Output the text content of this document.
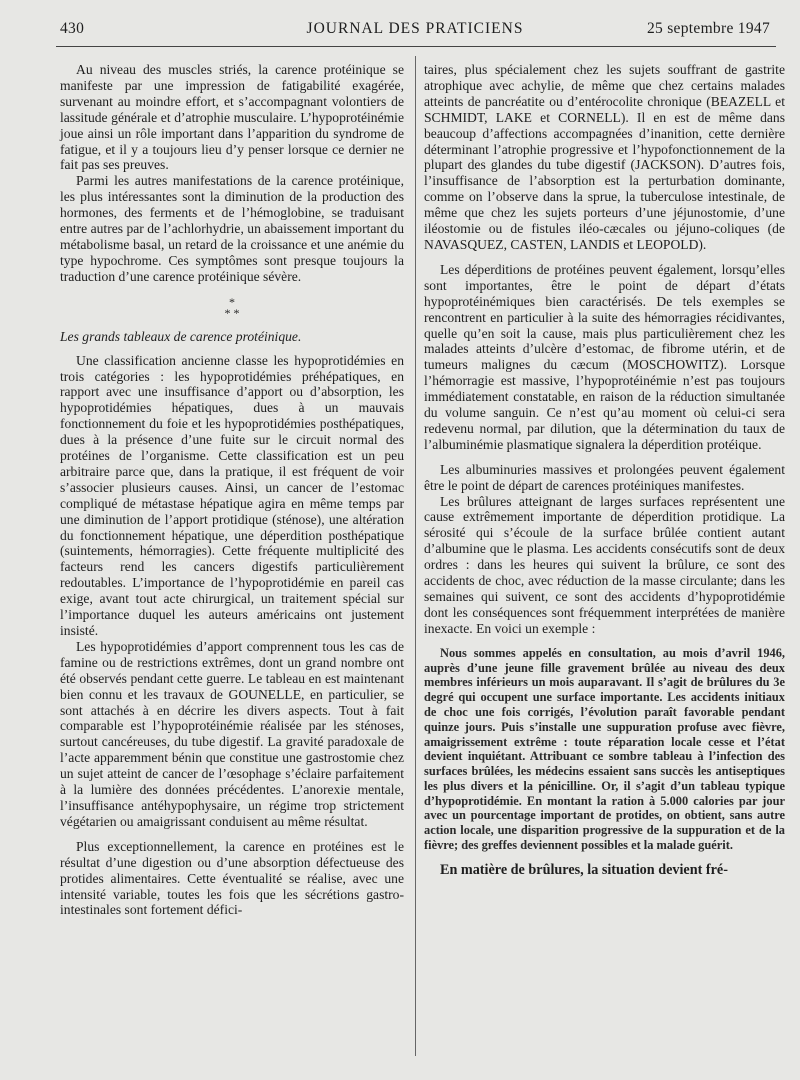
430	JOURNAL DES PRATICIENS	25 septembre 1947

Au niveau des muscles striés, la carence protéinique se manifeste par une impression de fatigabilité exagérée, survenant au moindre effort, et s’accompagnant volontiers de lassitude générale et d’atrophie musculaire. L’hypoprotéinémie joue ainsi un rôle important dans l’apparition du syndrome de fatigue, et il y a toujours lieu d’y penser lorsque ce dernier ne fait pas ses preuves.

Parmi les autres manifestations de la carence protéinique, les plus intéressantes sont la diminution de la production des hormones, des ferments et de l’hémoglobine, se traduisant entre autres par de l’achlorhydrie, un abaissement important du métabolisme basal, un retard de la croissance et une anémie du type hypochrome. Ces symptômes sont presque toujours la traduction d’une carence protéinique sévère.

*
* *

Les grands tableaux de carence protéinique.

Une classification ancienne classe les hypoprotidémies en trois catégories : les hypoprotidémies préhépatiques, en rapport avec une insuffisance d’apport ou d’absorption, les hypoprotidémies hépatiques, dues à un mauvais fonctionnement du foie et les hypoprotidémies posthépatiques, dues à la présence d’une fuite sur le circuit normal des protéines de l’organisme. Cette classification est un peu arbitraire parce que, dans la pratique, il est fréquent de voir s’associer plusieurs causes. Ainsi, un cancer de l’estomac compliqué de métastase hépatique agira en même temps par une diminution de l’apport protidique (sténose), une altération du fonctionnement hépatique, une déperdition posthépatique (suintements, hémorragies). Cette fréquente multiplicité des facteurs rend les cancers digestifs particulièrement redoutables. L’importance de l’hypoprotidémie en pareil cas exige, avant tout acte chirurgical, un traitement spécial sur l’importance duquel les auteurs américains ont justement insisté.

Les hypoprotidémies d’apport comprennent tous les cas de famine ou de restrictions extrêmes, dont un grand nombre ont été observés pendant cette guerre. Le tableau en est maintenant bien connu et les travaux de GOUNELLE, en particulier, se sont attachés à en décrire les divers aspects. Tout à fait comparable est l’hypoprotéinémie réalisée par les sténoses, surtout cancéreuses, du tube digestif. La gravité paradoxale de l’acte apparemment bénin que constitue une gastrostomie chez un sujet atteint de cancer de l’œsophage s’éclaire parfaitement à la lumière des données précédentes. L’anorexie mentale, l’insuffisance antéhypophysaire, un régime trop strictement végétarien ou amaigrissant conduisent au même résultat.

Plus exceptionnellement, la carence en protéines est le résultat d’une digestion ou d’une absorption défectueuse des protides alimentaires. Cette éventualité se réalise, avec une intensité variable, toutes les fois que les sécrétions gastro-intestinales sont fortement défici-

taires, plus spécialement chez les sujets souffrant de gastrite atrophique avec achylie, de même que chez certains malades atteints de pancréatite ou d’entérocolite chronique (BEAZELL et SCHMIDT, LAKE et CORNELL). Il en est de même dans beaucoup d’affections accompagnées d’inanition, cette dernière déterminant l’atrophie progressive et l’hypofonctionnement de la plupart des glandes du tube digestif (JACKSON). D’autres fois, l’insuffisance de l’absorption est la perturbation dominante, comme on l’observe dans la sprue, la tuberculose intestinale, de même que chez les sujets porteurs d’une jéjunostomie, d’une iléostomie ou de fistules iléo-cæcales ou jéjuno-coliques (de NAVASQUEZ, CASTEN, LANDIS et LEOPOLD).

Les déperditions de protéines peuvent également, lorsqu’elles sont importantes, être le point de départ d’états hypoprotéinémiques bien caractérisés. De tels exemples se rencontrent en particulier à la suite des hémorragies récidivantes, quelle qu’en soit la cause, mais plus particulièrement chez les malades atteints d’ulcère d’estomac, de fibrome utérin, et de tumeurs malignes du cæcum (MOSCHOWITZ). Lorsque l’hémorragie est massive, l’hypoprotéinémie n’est pas toujours immédiatement constatable, en raison de la réduction simultanée du volume sanguin. Ce n’est qu’au moment où celui-ci sera redevenu normal, par dilution, que la détermination du taux de l’albuminémie plasmatique signalera la déperdition protéique.

Les albuminuries massives et prolongées peuvent également être le point de départ de carences protéiniques manifestes.

Les brûlures atteignant de larges surfaces représentent une cause extrêmement importante de déperdition protidique. La sérosité qui s’écoule de la surface brûlée contient autant d’albumine que le plasma. Les accidents consécutifs sont de deux ordres : dans les heures qui suivent la brûlure, ce sont des accidents de choc, avec réduction de la masse circulante; dans les semaines qui suivent, ce sont des accidents d’hypoprotidémie dont les conséquences sont fréquemment interprétées de manière inexacte. En voici un exemple :

Nous sommes appelés en consultation, au mois d’avril 1946, auprès d’une jeune fille gravement brûlée au niveau des deux membres inférieurs un mois auparavant. Il s’agit de brûlures du 3e degré qui occupent une surface importante. Les accidents initiaux de choc une fois corrigés, l’évolution paraît favorable pendant quinze jours. Puis s’installe une suppuration profuse avec fièvre, amaigrissement extrême : toute réparation locale cesse et l’état devient inquiétant. Attribuant ce sombre tableau à l’infection des surfaces brûlées, les médecins essaient sans succès les antiseptiques les plus divers et la pénicilline. Or, il s’agit d’un tableau typique d’hypoprotidémie. En montant la ration à 5.000 calories par jour avec un pourcentage important de protides, on obtient, sans autre action locale, une disparition progressive de la suppuration et de la fièvre; des greffes deviennent possibles et la malade guérit.

En matière de brûlures, la situation devient fré-
